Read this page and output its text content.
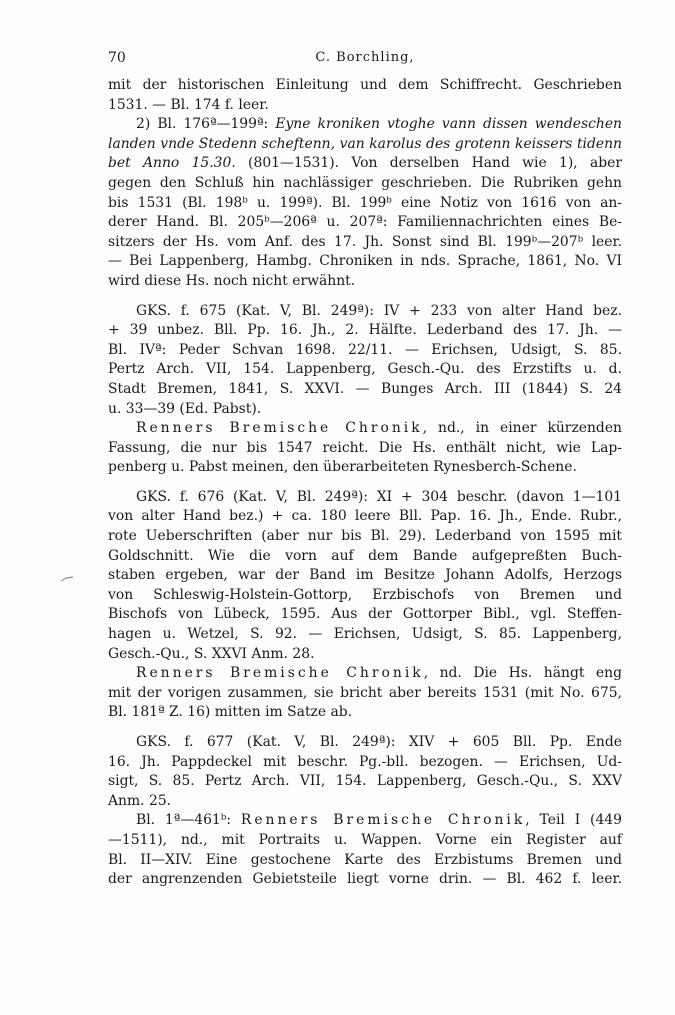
70	C. Borchling,
mit der historischen Einleitung und dem Schiffrecht. Geschrieben
1531. — Bl. 174 f. leer.
2) Bl. 176ª—199ª: Eyne kroniken vtoghe vann dissen wendeschen
landen vnde Stedenn scheftenn, van karolus des grotenn keissers tidenn
bet Anno 15.30. (801—1531). Von derselben Hand wie 1), aber
gegen den Schluß hin nachlässiger geschrieben. Die Rubriken gehn
bis 1531 (Bl. 198ᵇ u. 199ª). Bl. 199ᵇ eine Notiz von 1616 von an-
derer Hand. Bl. 205ᵇ—206ª u. 207ª: Familiennachrichten eines Be-
sitzers der Hs. vom Anf. des 17. Jh. Sonst sind Bl. 199ᵇ—207ᵇ leer.
— Bei Lappenberg, Hambg. Chroniken in nds. Sprache, 1861, No. VI
wird diese Hs. noch nicht erwähnt.
GKS. f. 675 (Kat. V, Bl. 249ª): IV + 233 von alter Hand bez.
+ 39 unbez. Bll. Pp. 16. Jh., 2. Hälfte. Lederband des 17. Jh. —
Bl. IVª: Peder Schvan 1698. 22/11. — Erichsen, Udsigt, S. 85.
Pertz Arch. VII, 154. Lappenberg, Gesch.-Qu. des Erzstifts u. d.
Stadt Bremen, 1841, S. XXVI. — Bunges Arch. III (1844) S. 24
u. 33—39 (Ed. Pabst).
Renners Bremische Chronik, nd., in einer kürzenden
Fassung, die nur bis 1547 reicht. Die Hs. enthält nicht, wie Lap-
penberg u. Pabst meinen, den überarbeiteten Rynesberch-Schene.
GKS. f. 676 (Kat. V, Bl. 249ª): XI + 304 beschr. (davon 1—101
von alter Hand bez.) + ca. 180 leere Bll. Pap. 16. Jh., Ende. Rubr.,
rote Ueberschriften (aber nur bis Bl. 29). Lederband von 1595 mit
Goldschnitt. Wie die vorn auf dem Bande aufgepreßten Buch-
staben ergeben, war der Band im Besitze Johann Adolfs, Herzogs
von Schleswig-Holstein-Gottorp, Erzbischofs von Bremen und
Bischofs von Lübeck, 1595. Aus der Gottorper Bibl., vgl. Steffen-
hagen u. Wetzel, S. 92. — Erichsen, Udsigt, S. 85. Lappenberg,
Gesch.-Qu., S. XXVI Anm. 28.
Renners Bremische Chronik, nd. Die Hs. hängt eng
mit der vorigen zusammen, sie bricht aber bereits 1531 (mit No. 675,
Bl. 181ª Z. 16) mitten im Satze ab.
GKS. f. 677 (Kat. V, Bl. 249ª): XIV + 605 Bll. Pp. Ende
16. Jh. Pappdeckel mit beschr. Pg.-bll. bezogen. — Erichsen, Ud-
sigt, S. 85. Pertz Arch. VII, 154. Lappenberg, Gesch.-Qu., S. XXV
Anm. 25.
Bl. 1ª—461ᵇ: Renners Bremische Chronik, Teil I (449
—1511), nd., mit Portraits u. Wappen. Vorne ein Register auf
Bl. II—XIV. Eine gestochene Karte des Erzbistums Bremen und
der angrenzenden Gebietsteile liegt vorne drin. — Bl. 462 f. leer.
